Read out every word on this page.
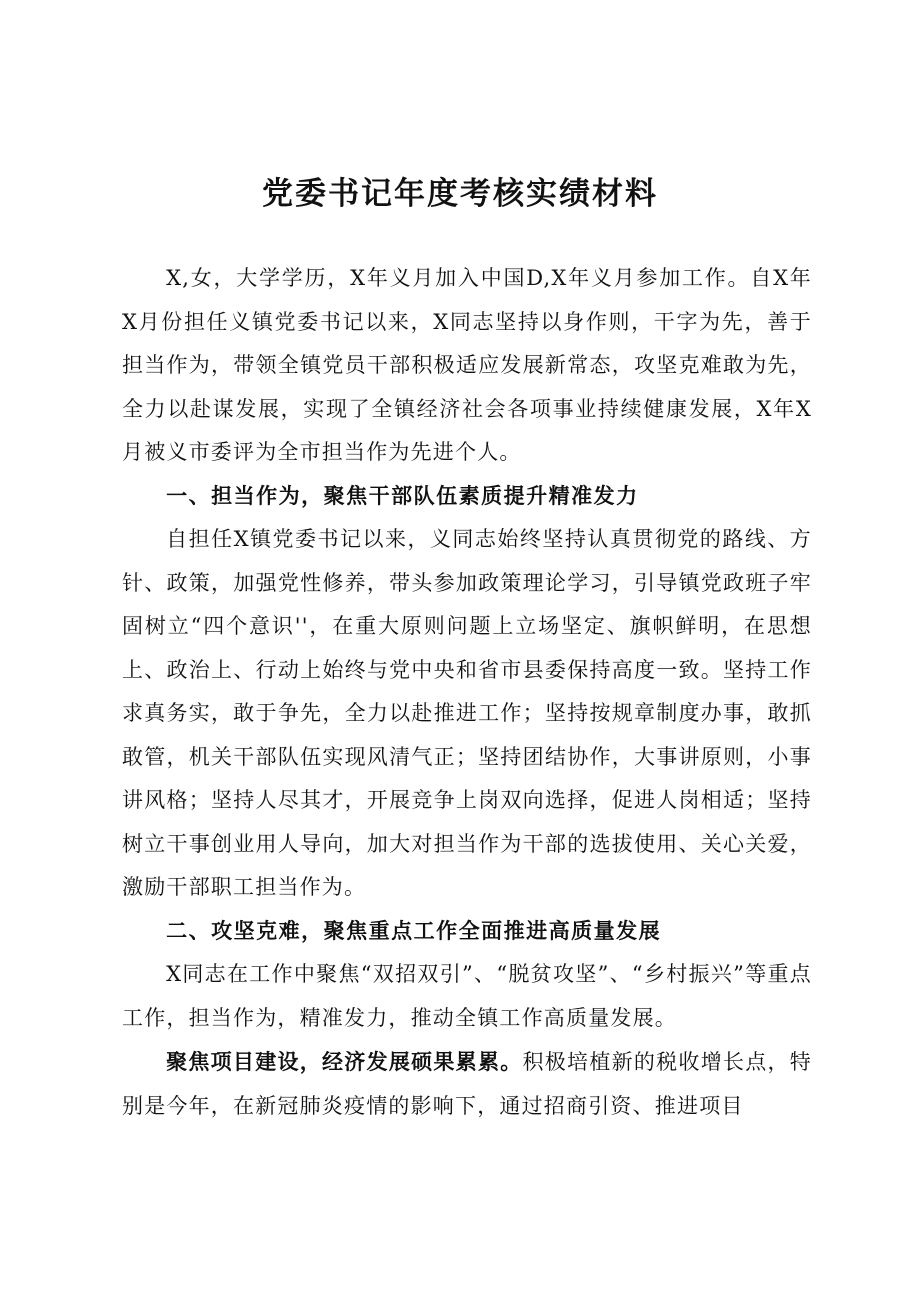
党委书记年度考核实绩材料

X,女，大学学历，X年义月加入中国D,X年义月参加工作。自X年X月份担任义镇党委书记以来，X同志坚持以身作则，干字为先，善于担当作为，带领全镇党员干部积极适应发展新常态，攻坚克难敢为先，全力以赴谋发展，实现了全镇经济社会各项事业持续健康发展，X年X月被义市委评为全市担当作为先进个人。

一、担当作为，聚焦干部队伍素质提升精准发力

自担任X镇党委书记以来，义同志始终坚持认真贯彻党的路线、方针、政策，加强党性修养，带头参加政策理论学习，引导镇党政班子牢固树立“四个意识''，在重大原则问题上立场坚定、旗帜鲜明，在思想上、政治上、行动上始终与党中央和省市县委保持高度一致。坚持工作求真务实，敢于争先，全力以赴推进工作；坚持按规章制度办事，敢抓敢管，机关干部队伍实现风清气正；坚持团结协作，大事讲原则，小事讲风格；坚持人尽其才，开展竞争上岗双向选择，促进人岗相适；坚持树立干事创业用人导向，加大对担当作为干部的选拔使用、关心关爱，激励干部职工担当作为。

二、攻坚克难，聚焦重点工作全面推进高质量发展

X同志在工作中聚焦“双招双引”、“脱贫攻坚”、“乡村振兴”等重点工作，担当作为，精准发力，推动全镇工作高质量发展。

聚焦项目建设，经济发展硕果累累。积极培植新的税收增长点，特别是今年，在新冠肺炎疫情的影响下，通过招商引资、推进项目
